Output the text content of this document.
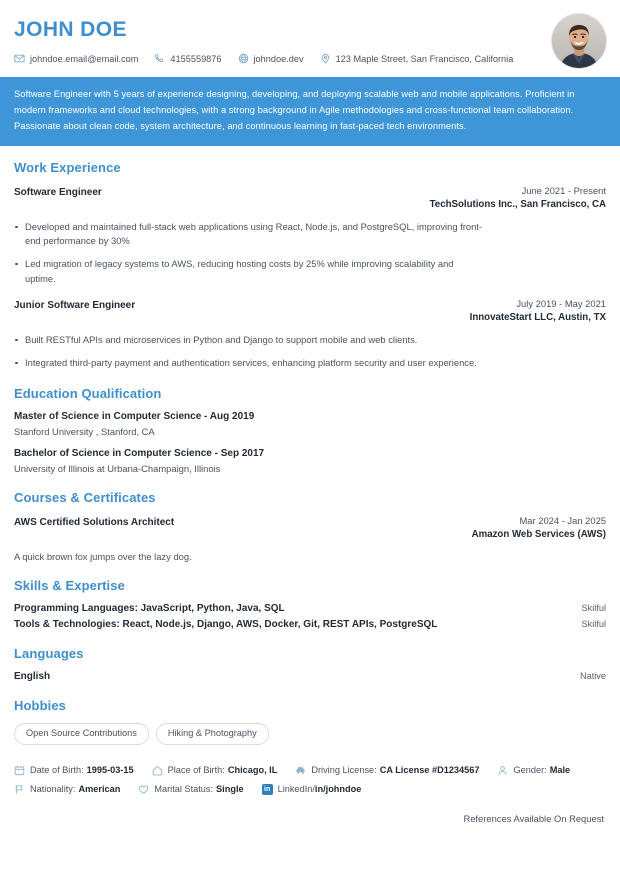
JOHN DOE
johndoe.email@email.com	4155559876	johndoe.dev	123 Maple Street, San Francisco, California
Software Engineer with 5 years of experience designing, developing, and deploying scalable web and mobile applications. Proficient in modern frameworks and cloud technologies, with a strong background in Agile methodologies and cross-functional team collaboration. Passionate about clean code, system architecture, and continuous learning in fast-paced tech environments.
Work Experience
Software Engineer	June 2021 - Present
TechSolutions Inc., San Francisco, CA
Developed and maintained full-stack web applications using React, Node.js, and PostgreSQL, improving front-end performance by 30%
Led migration of legacy systems to AWS, reducing hosting costs by 25% while improving scalability and uptime.
Junior Software Engineer	July 2019 - May 2021
InnovateStart LLC, Austin, TX
Built RESTful APIs and microservices in Python and Django to support mobile and web clients.
Integrated third-party payment and authentication services, enhancing platform security and user experience.
Education Qualification
Master of Science in Computer Science - Aug 2019
Stanford University , Stanford, CA
Bachelor of Science in Computer Science - Sep 2017
University of Illinois at Urbana-Champaign, Illinois
Courses & Certificates
AWS Certified Solutions Architect	Mar 2024 - Jan 2025
Amazon Web Services (AWS)
A quick brown fox jumps over the lazy dog.
Skills & Expertise
Programming Languages: JavaScript, Python, Java, SQL	Skilful
Tools & Technologies: React, Node.js, Django, AWS, Docker, Git, REST APIs, PostgreSQL	Skilful
Languages
English	Native
Hobbies
Open Source Contributions	Hiking & Photography
Date of Birth: 1995-03-15	Place of Birth: Chicago, IL	Driving License: CA License #D1234567	Gender: Male
Nationality: American	Marital Status: Single	in LinkedIn/ in/johndoe
References Available On Request
